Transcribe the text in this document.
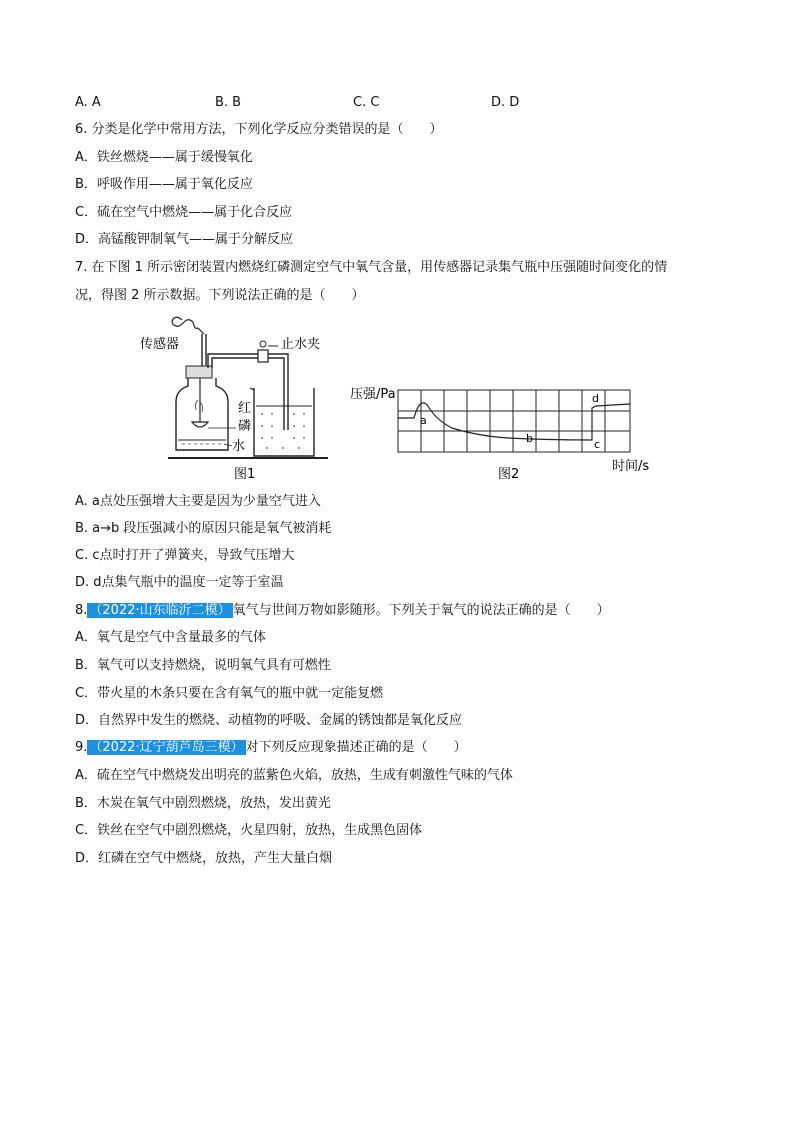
A. A	B. B	C. C	D. D
6. 分类是化学中常用方法，下列化学反应分类错误的是（　　）
A．铁丝燃烧——属于缓慢氧化
B．呼吸作用——属于氧化反应
C．硫在空气中燃烧——属于化合反应
D．高锰酸钾制氧气——属于分解反应
7. 在下图 1 所示密闭装置内燃烧红磷测定空气中氧气含量，用传感器记录集气瓶中压强随时间变化的情
况，得图 2 所示数据。下列说法正确的是（　　）
传感器	止水夹
红
磷
水
图1
压强/Pa
a
b	c
d
时间/s
图2
A. a点处压强增大主要是因为少量空气进入
B. a→b 段压强减小的原因只能是氧气被消耗
C. c点时打开了弹簧夹，导致气压增大
D. d点集气瓶中的温度一定等于室温
8. （2022·山东临沂二模） 氧气与世间万物如影随形。下列关于氧气的说法正确的是（　　）
A．氧气是空气中含量最多的气体
B．氧气可以支持燃烧，说明氧气具有可燃性
C．带火星的木条只要在含有氧气的瓶中就一定能复燃
D．自然界中发生的燃烧、动植物的呼吸、金属的锈蚀都是氧化反应
9. （2022·辽宁葫芦岛三模） 对下列反应现象描述正确的是（　　）
A．硫在空气中燃烧发出明亮的蓝紫色火焰，放热，生成有刺激性气味的气体
B．木炭在氧气中剧烈燃烧，放热，发出黄光
C．铁丝在空气中剧烈燃烧，火星四射，放热，生成黑色固体
D．红磷在空气中燃烧，放热，产生大量白烟
